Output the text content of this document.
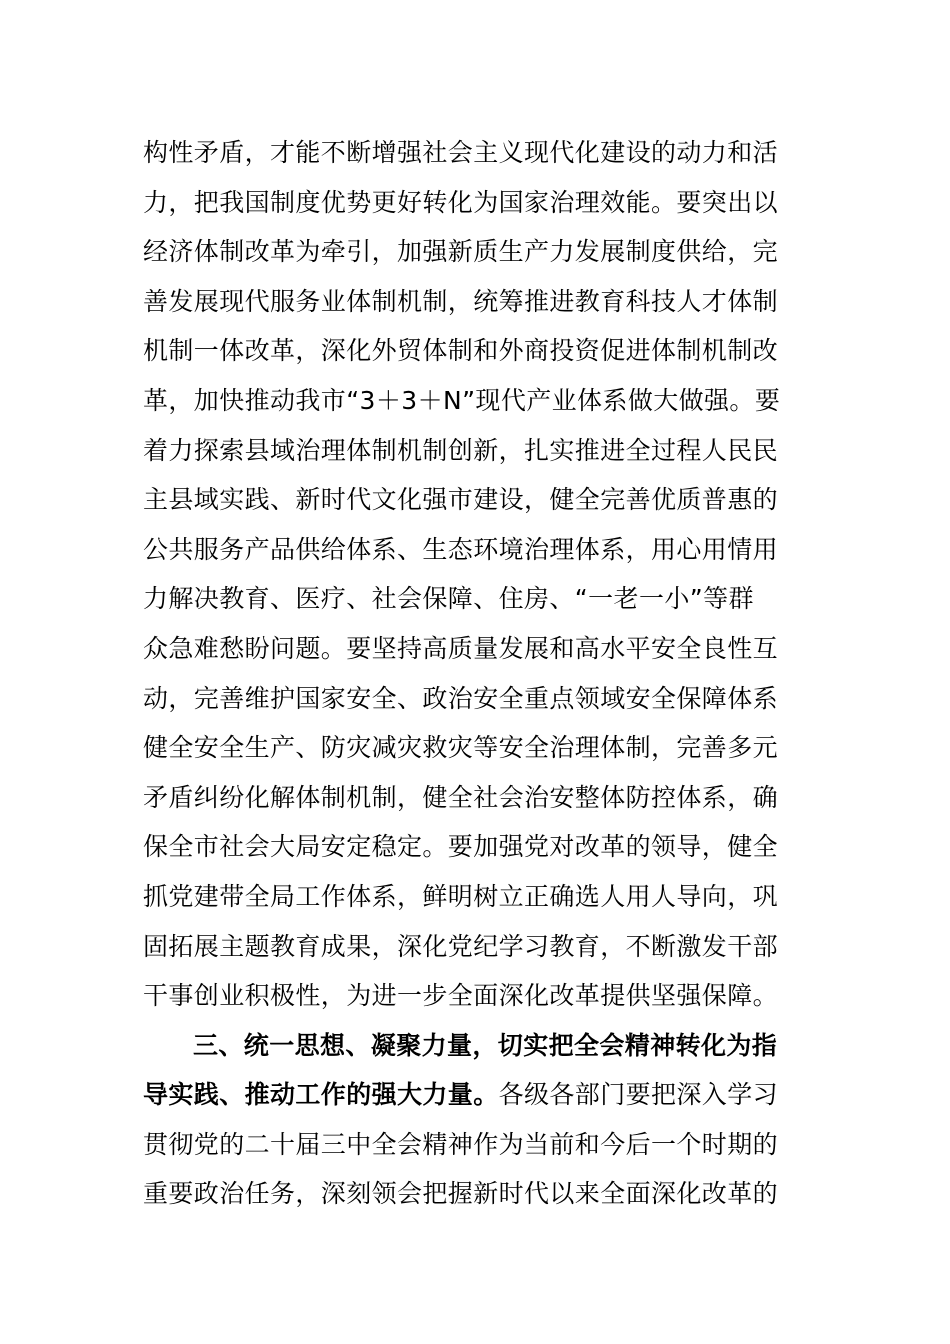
构性矛盾，才能不断增强社会主义现代化建设的动力和活
力，把我国制度优势更好转化为国家治理效能。要突出以
经济体制改革为牵引，加强新质生产力发展制度供给，完
善发展现代服务业体制机制，统筹推进教育科技人才体制
机制一体改革，深化外贸体制和外商投资促进体制机制改
革，加快推动我市“3＋3＋N”现代产业体系做大做强。要
着力探索县域治理体制机制创新，扎实推进全过程人民民
主县域实践、新时代文化强市建设，健全完善优质普惠的
公共服务产品供给体系、生态环境治理体系，用心用情用
力解决教育、医疗、社会保障、住房、“一老一小”等群
众急难愁盼问题。要坚持高质量发展和高水平安全良性互
动，完善维护国家安全、政治安全重点领域安全保障体系
健全安全生产、防灾减灾救灾等安全治理体制，完善多元
矛盾纠纷化解体制机制，健全社会治安整体防控体系，确
保全市社会大局安定稳定。要加强党对改革的领导，健全
抓党建带全局工作体系，鲜明树立正确选人用人导向，巩
固拓展主题教育成果，深化党纪学习教育，不断激发干部
干事创业积极性，为进一步全面深化改革提供坚强保障。
三、统一思想、凝聚力量，切实把全会精神转化为指
导实践、推动工作的强大力量。各级各部门要把深入学习
贯彻党的二十届三中全会精神作为当前和今后一个时期的
重要政治任务，深刻领会把握新时代以来全面深化改革的
